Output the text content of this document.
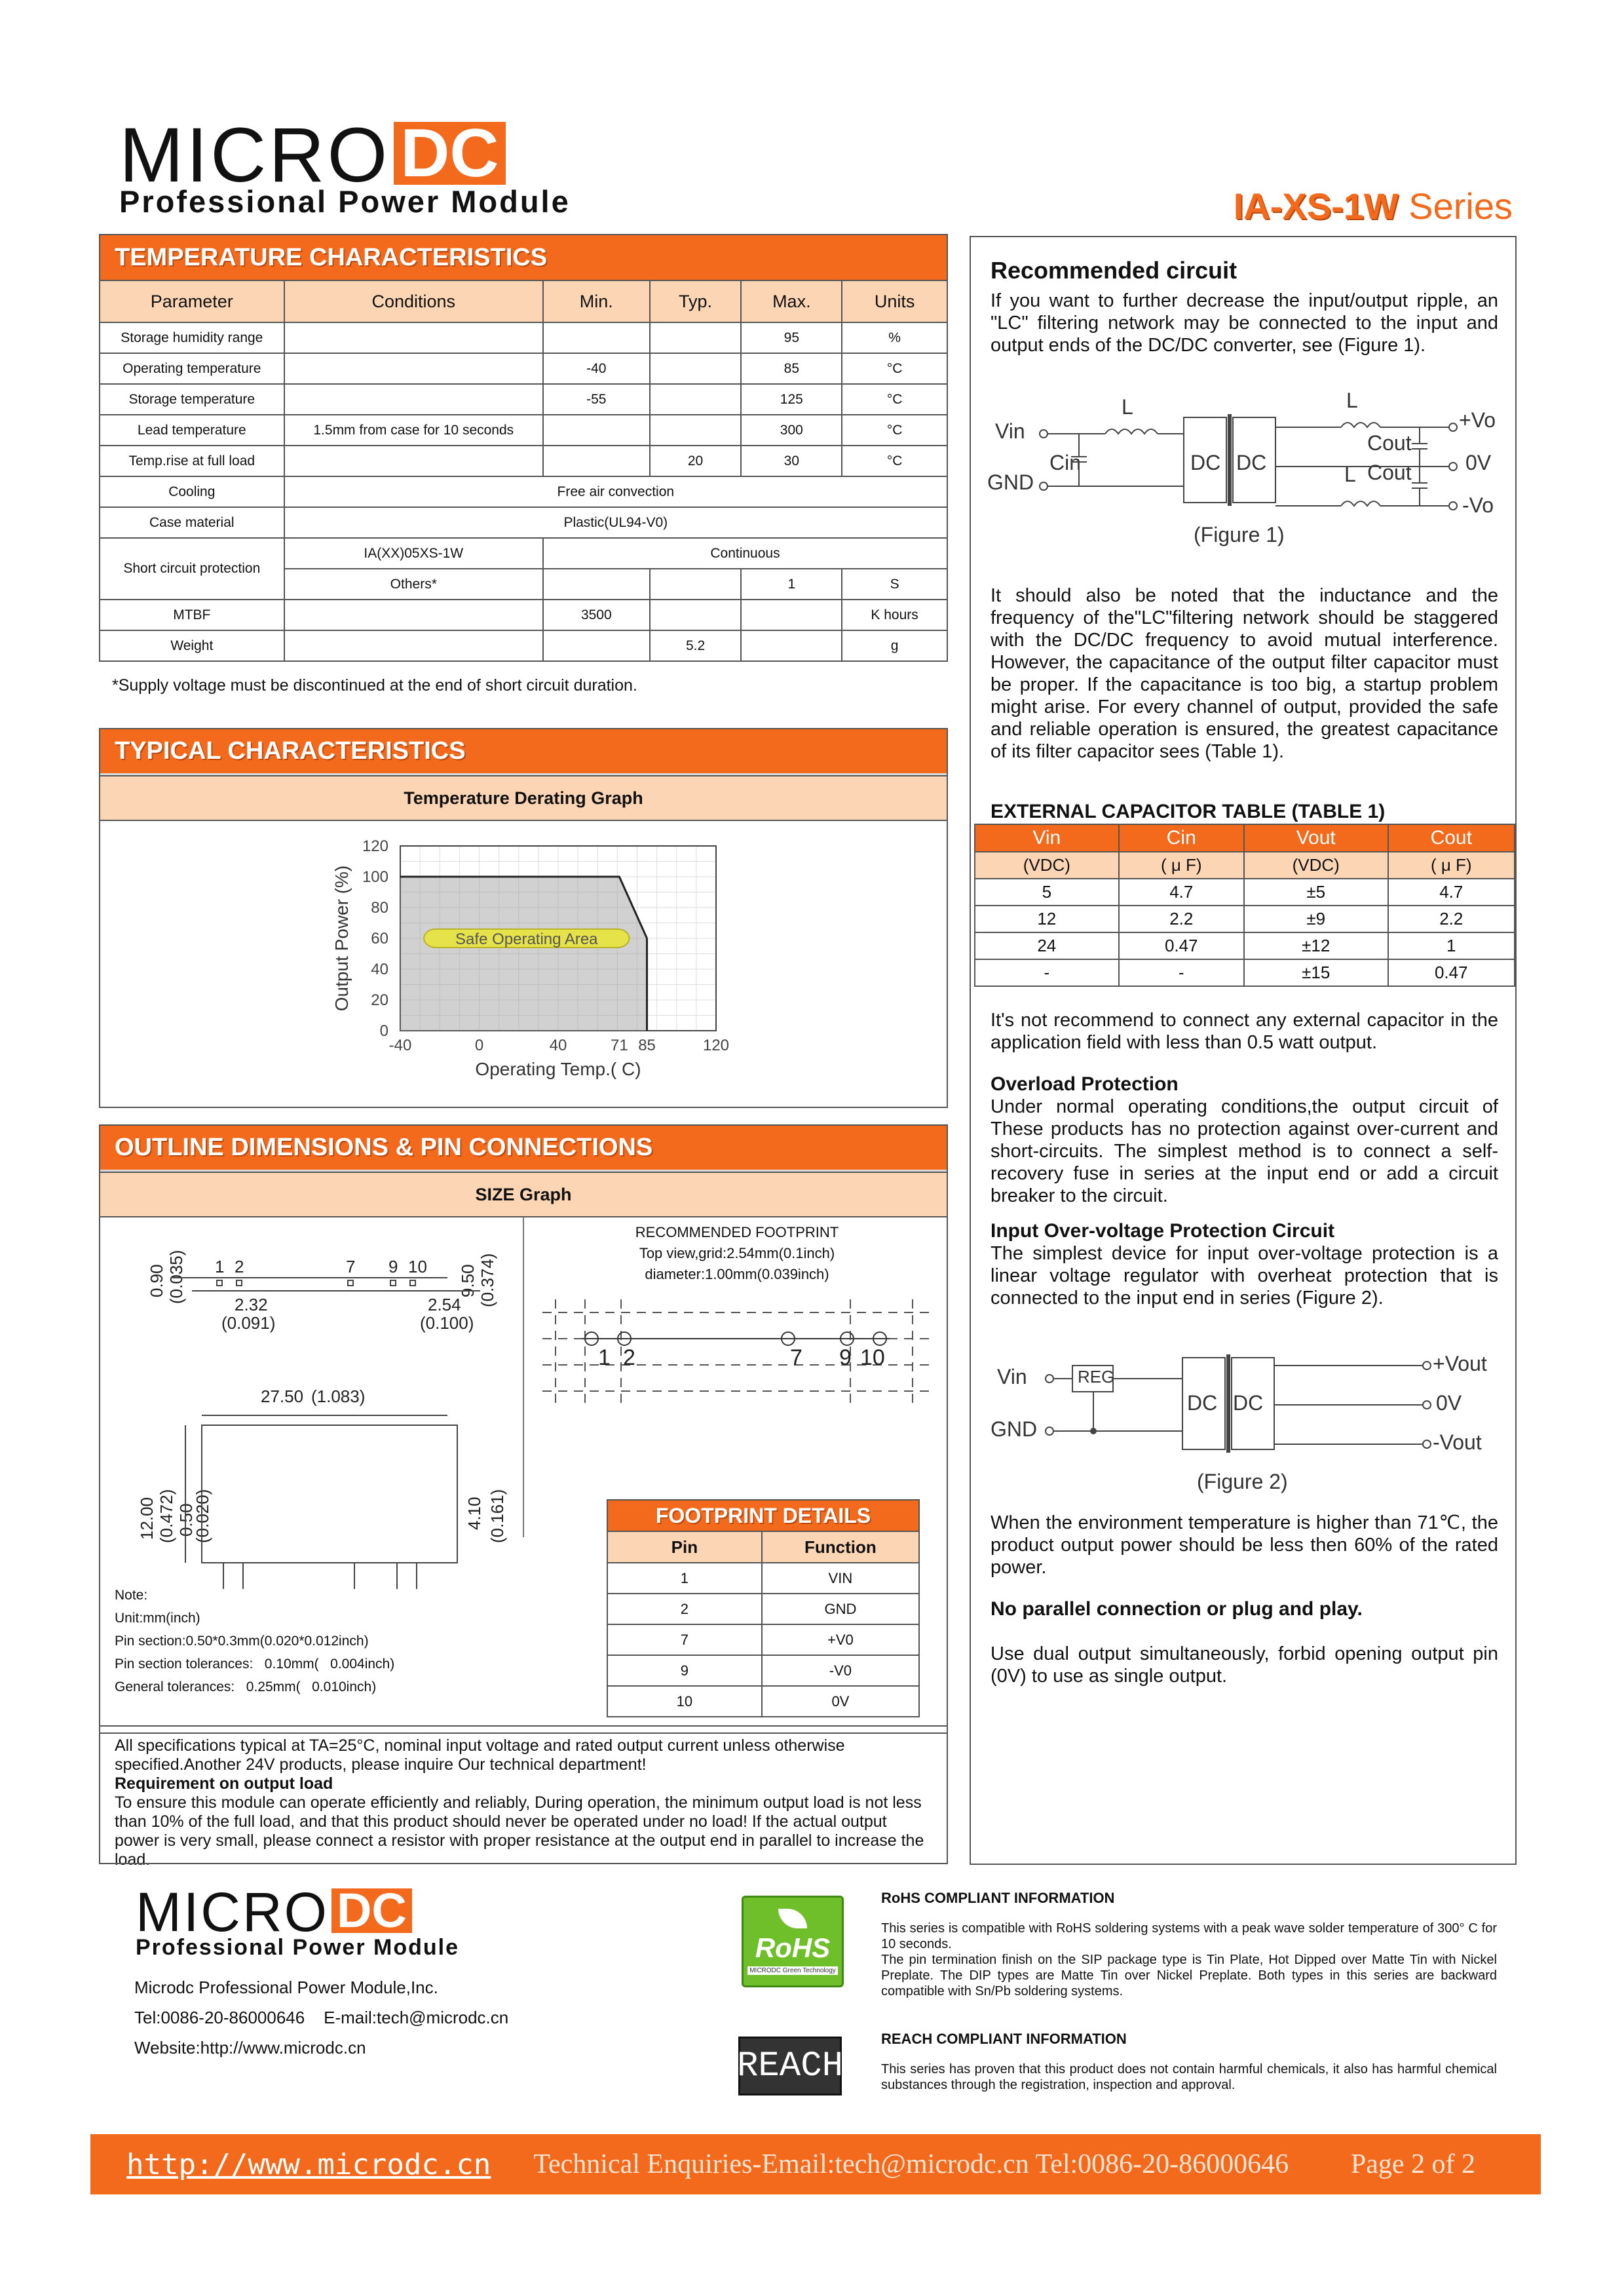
MICRO DC
Professional Power Module	IA-XS-1W Series
TEMPERATURE CHARACTERISTICS
Parameter	Conditions	Min.	Typ.	Max.	Units
Storage humidity range				95	%
Operating temperature		-40		85	°C
Storage temperature		-55		125	°C
Lead temperature	1.5mm from case for 10 seconds			300	°C
Temp.rise at full load			20	30	°C
Cooling	Free air convection				
Case material	Plastic(UL94-V0)				
Short circuit protection	IA(XX)05XS-1W	Continuous			
	Others*			1	S
MTBF		3500			K hours
Weight			5.2		g
*Supply voltage must be discontinued at the end of short circuit duration.
TYPICAL CHARACTERISTICS
Temperature Derating Graph
-40	0	40	71 85	120
0
20
40
60
80
100
120
Operating Temp.( C)
Output Power (%)	Safe Operating Area
OUTLINE DIMENSIONS & PIN CONNECTIONS
SIZE Graph
0.90 (0.035) 1 2	7 9 10 9.50 (0.374)
2.32
(0.091)
2.54
(0.100)
27.50 (1.083)
12.00 (0.472) 0.50
(0.020)	4.10 (0.161)
RECOMMENDED FOOTPRINT
Top view,grid:2.54mm(0.1inch)
diameter:1.00mm(0.039inch)
1 2	7 9 10
Note:
Unit:mm(inch)
Pin section:0.50*0.3mm(0.020*0.012inch)
Pin section tolerances:   0.10mm(   0.004inch)
General tolerances:   0.25mm(   0.010inch)
FOOTPRINT DETAILS
Pin	Function
1	VIN
2	GND
7	+V0
9	-V0
10	0V
All specifications typical at TA=25°C, nominal input voltage and rated output current unless otherwise specified.Another 24V products, please inquire Our technical department!
Requirement on output load
To ensure this module can operate efficiently and reliably, During operation, the minimum output load is not less than 10% of the full load, and that this product should never be operated under no load! If the actual output power is very small, please connect a resistor with proper resistance at the output end in parallel to increase the load.
Recommended circuit
If you want to further decrease the input/output ripple, an "LC" filtering network may be connected to the input and output ends of the DC/DC converter, see (Figure 1).
Vin
GND
Cin
L
DC DC
L
Cout
L Cout
+Vo
0V
-Vo
(Figure 1)
It should also be noted that the inductance and the frequency of the"LC"filtering network should be staggered with the DC/DC frequency to avoid mutual interference. However, the capacitance of the output filter capacitor must be proper. If the capacitance is too big, a startup problem might arise. For every channel of output, provided the safe and reliable operation is ensured, the greatest capacitance of its filter capacitor sees (Table 1).
EXTERNAL CAPACITOR TABLE (TABLE 1)
Vin	Cin	Vout	Cout
(VDC)	( μ F)	(VDC)	( μ F)
5	4.7	±5	4.7
12	2.2	±9	2.2
24	0.47	±12	1
-	-	±15	0.47
It's not recommend to connect any external capacitor in the application field with less than 0.5 watt output.
Overload Protection
Under normal operating conditions,the output circuit of These products has no protection against over-current and short-circuits. The simplest method is to connect a self-recovery fuse in series at the input end or add a circuit breaker to the circuit.
Input Over-voltage Protection Circuit
The simplest device for input over-voltage protection is a linear voltage regulator with overheat protection that is connected to the input end in series (Figure 2).
Vin
GND
REG
DC DC
+Vout
0V
-Vout
(Figure 2)
When the environment temperature is higher than 71℃, the product output power should be less then 60% of the rated power.
No parallel connection or plug and play.
Use dual output simultaneously, forbid opening output pin (0V) to use as single output.
MICRO DC
Professional Power Module
Microdc Professional Power Module,Inc.
Tel:0086-20-86000646    E-mail:tech@microdc.cn
Website:http://www.microdc.cn
RoHS
MICRODC Green Technology
REACH
RoHS COMPLIANT INFORMATION
This series is compatible with RoHS soldering systems with a peak wave solder temperature of 300° C for 10 seconds.
The pin termination finish on the SIP package type is Tin Plate, Hot Dipped over Matte Tin with Nickel Preplate. The DIP types are Matte Tin over Nickel Preplate. Both types in this series are backward compatible with Sn/Pb soldering systems.
REACH COMPLIANT INFORMATION
This series has proven that this product does not contain harmful chemicals, it also has harmful chemical substances through the registration, inspection and approval.
http://www.microdc.cn Technical Enquiries-Email:tech@microdc.cn Tel:0086-20-86000646 Page 2 of 2
